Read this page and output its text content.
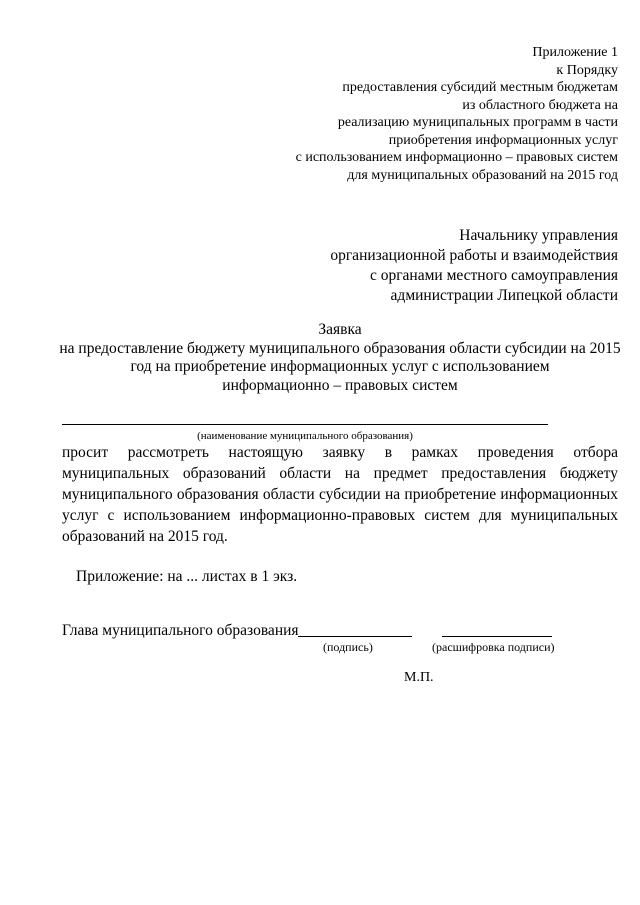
Приложение 1
к Порядку
предоставления субсидий местным бюджетам
из областного бюджета на
реализацию муниципальных программ в части
приобретения информационных услуг
с использованием информационно – правовых систем
для муниципальных образований на 2015 год
Начальнику управления
организационной работы и взаимодействия
с органами местного самоуправления
администрации Липецкой области
Заявка
на предоставление бюджету муниципального образования области субсидии на 2015
год на приобретение информационных услуг с использованием
информационно – правовых систем
(наименование муниципального образования)
просит рассмотреть настоящую заявку в рамках проведения отбора муниципальных образований области на предмет предоставления бюджету муниципального образования области субсидии на приобретение информационных услуг с использованием информационно-правовых систем для муниципальных образований на 2015 год.
Приложение: на ... листах в 1 экз.
Глава муниципального образования
(подпись)	(расшифровка подписи)
М.П.
